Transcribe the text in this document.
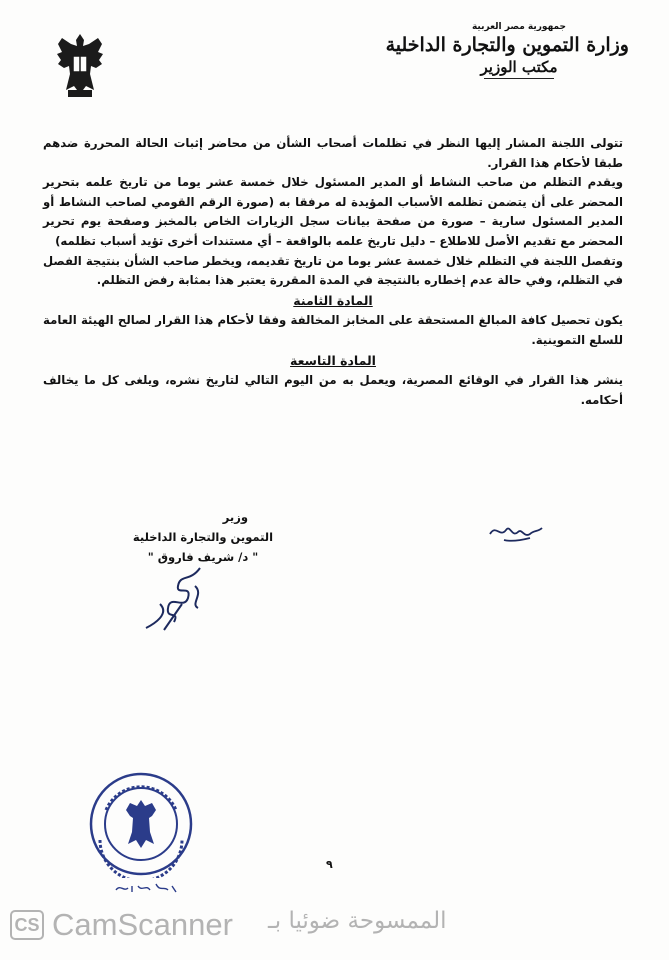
جمهورية مصر العربية
وزارة التموين والتجارة الداخلية
مكتب الوزير

تتولى اللجنة المشار إليها النظر في تظلمات أصحاب الشأن من محاضر إثبات الحالة المحررة ضدهم طبقا لأحكام هذا القرار.

ويقدم التظلم من صاحب النشاط أو المدير المسئول خلال خمسة عشر يوما من تاريخ علمه بتحرير المحضر على أن يتضمن تظلمه الأسباب المؤيدة له مرفقا به (صورة الرقم القومي لصاحب النشاط أو المدير المسئول سارية – صورة من صفحة بيانات سجل الزيارات الخاص بالمخبز وصفحة يوم تحرير المحضر مع تقديم الأصل للاطلاع – دليل تاريخ علمه بالواقعة – أي مستندات أخرى تؤيد أسباب تظلمه)

وتفصل اللجنة في التظلم خلال خمسة عشر يوما من تاريخ تقديمه، ويخطر صاحب الشأن بنتيجة الفصل في التظلم، وفي حالة عدم إخطاره بالنتيجة في المدة المقررة يعتبر هذا بمثابة رفض التظلم.

المادة الثامنة

يكون تحصيل كافة المبالغ المستحقة على المخابز المخالفة وفقا لأحكام هذا القرار لصالح الهيئة العامة للسلع التموينية.

المادة التاسعة

ينشر هذا القرار في الوقائع المصرية، ويعمل به من اليوم التالي لتاريخ نشره، ويلغى كل ما يخالف أحكامه.

وزير
التموين والتجارة الداخلية
" د/ شريف فاروق "
٩
CS CamScanner الممسوحة ضوئيا بـ
